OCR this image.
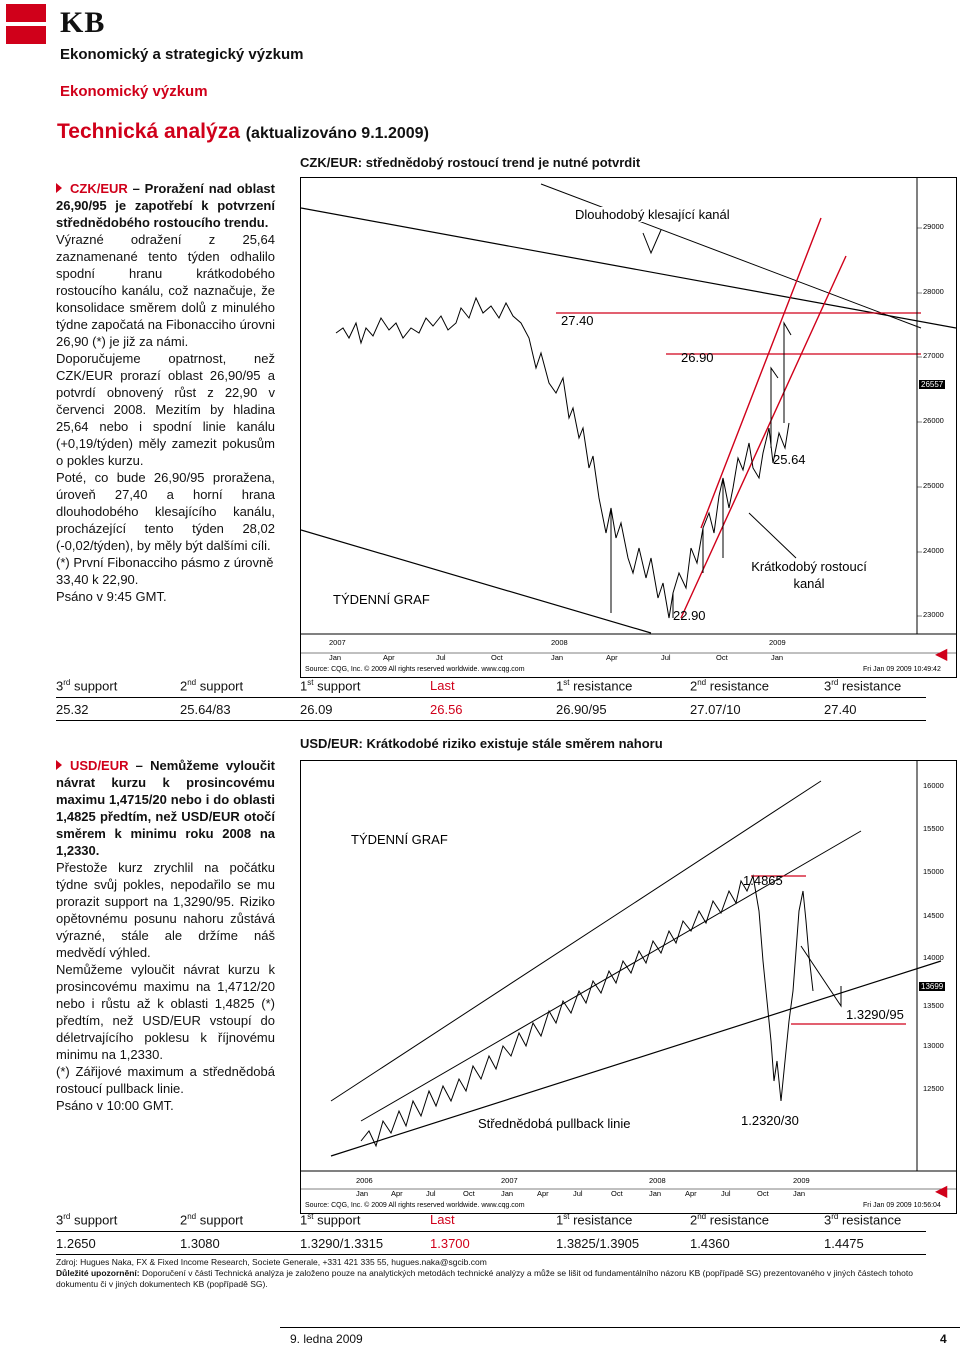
KB
Ekonomický a strategický výzkum
Ekonomický výzkum
Technická analýza (aktualizováno 9.1.2009)

CZK/EUR – Proražení nad oblast 26,90/95 je zapotřebí k potvrzení střednědobého rostoucího trendu.

Výrazné odražení z 25,64 zaznamenané tento týden odhalilo spodní hranu krátkodobého rostoucího kanálu, což naznačuje, že konsolidace směrem dolů z minulého týdne započatá na Fibonacciho úrovni 26,90 (*) je již za námi.

Doporučujeme opatrnost, než CZK/EUR prorazí oblast 26,90/95 a potvrdí obnovený růst z 22,90 v červenci 2008. Mezitím by hladina 25,64 nebo i spodní linie kanálu (+0,19/týden) měly zamezit pokusům o pokles kurzu.

Poté, co bude 26,90/95 proražena, úroveň 27,40 a horní hrana dlouhodobého klesajícího kanálu, procházející tento týden 28,02 (-0,02/týden), by měly být dalšími cíli.

(*) První Fibonacciho pásmo z úrovně 33,40 k 22,90.

Psáno v 9:45 GMT.

CZK/EUR: střednědobý rostoucí trend je nutné potvrdit
29000
28000
27000
26000
25000
24000
23000
26557
2007	2008	2009
Jan	Apr	Jul	Oct	Jan	Apr	Jul	Oct	Jan
Source: CQG, Inc. © 2009 All rights reserved worldwide. www.cqg.com	Fri Jan 09 2009 10:49:42
Dlouhodobý klesající kanál
TÝDENNÍ GRAF
Krátkodobý rostoucí kanál
27.40
26.90
25.64
22.90
◀
3rd support	2nd support	1st support	Last	1st resistance	2nd resistance	3rd resistance
25.32	25.64/83	26.09	26.56	26.90/95	27.07/10	27.40

USD/EUR – Nemůžeme vyloučit návrat kurzu k prosincovému maximu 1,4715/20 nebo i do oblasti 1,4825 předtím, než USD/EUR otočí směrem k minimu roku 2008 na 1,2330.

Přestože kurz zrychlil na počátku týdne svůj pokles, nepodařilo se mu prorazit support na 1,3290/95. Riziko opětovnému posunu nahoru zůstává výrazné, stále ale držíme náš medvědí výhled.

Nemůžeme vyloučit návrat kurzu k prosincovému maximu na 1,4712/20 nebo i růstu až k oblasti 1,4825 (*) předtím, než USD/EUR vstoupí do déletrvajícího poklesu k říjnovému minimu na 1,2330.

(*) Zářijové maximum a střednědobá rostoucí pullback linie.

Psáno v 10:00 GMT.

USD/EUR: Krátkodobé riziko existuje stále směrem nahoru
16000
15500
15000
14500
14000
13699
13500
13000
12500
2006	2007	2008	2009
Jan	Apr	Jul	Oct	Jan	Apr	Jul	Oct	Jan	Apr	Jul	Oct	Jan
Source: CQG, Inc. © 2009 All rights reserved worldwide. www.cqg.com	Fri Jan 09 2009 10:56:04
TÝDENNÍ GRAF
Střednědobá pullback linie
1.4865
1.3290/95
1.2320/30
◀
3rd support	2nd support	1st support	Last	1st resistance	2nd resistance	3rd resistance
1.2650	1.3080	1.3290/1.3315	1.3700	1.3825/1.3905	1.4360	1.4475
Zdroj: Hugues Naka, FX & Fixed Income Research, Societe Generale, +331 421 335 55, hugues.naka@sgcib.com
Důležité upozornění: Doporučení v části Technická analýza je založeno pouze na analytických metodách technické analýzy a může se lišit od fundamentálního názoru KB (popřípadě SG) prezentovaného v jiných částech tohoto dokumentu či v jiných dokumentech KB (popřípadě SG).
9. ledna 2009	4
